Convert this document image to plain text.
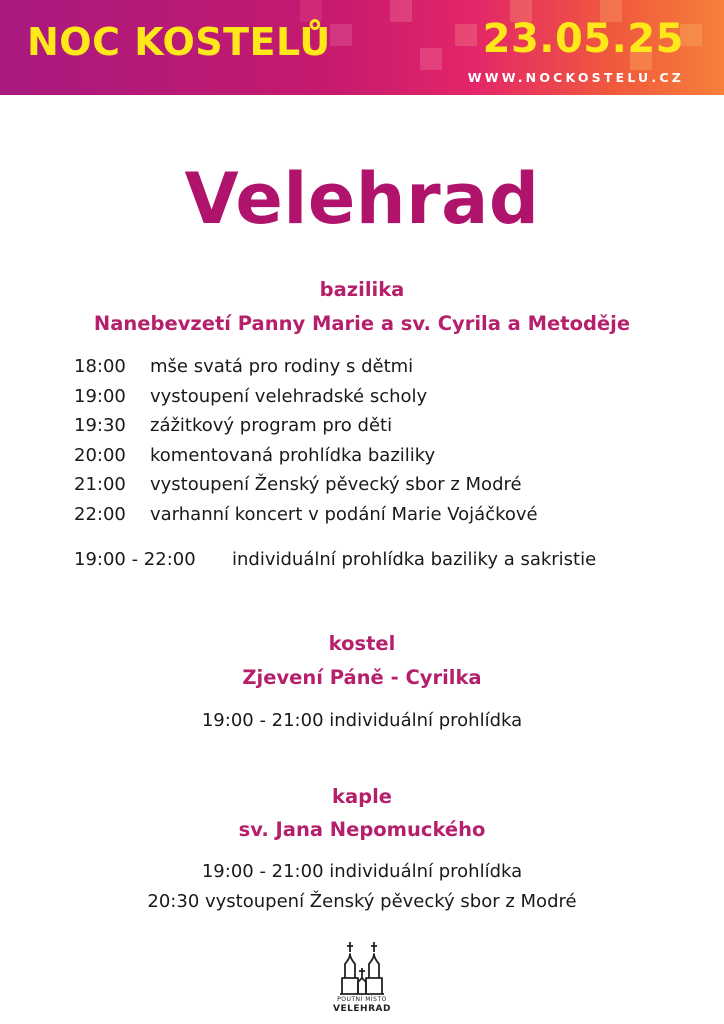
NOC KOSTELŮ	23.05.25
WWW.NOCKOSTELU.CZ
Velehrad
bazilika
Nanebevzetí Panny Marie a sv. Cyrila a Metoděje
18:00 mše svatá pro rodiny s dětmi
19:00 vystoupení velehradské scholy
19:30 zážitkový program pro děti
20:00 komentovaná prohlídka baziliky
21:00 vystoupení Ženský pěvecký sbor z Modré
22:00 varhanní koncert v podání Marie Vojáčkové
19:00 - 22:00 individuální prohlídka baziliky a sakristie
kostel
Zjevení Páně - Cyrilka
19:00 - 21:00 individuální prohlídka
kaple
sv. Jana Nepomuckého
19:00 - 21:00 individuální prohlídka
20:30 vystoupení Ženský pěvecký sbor z Modré
POUTNÍ MÍSTO
VELEHRAD
